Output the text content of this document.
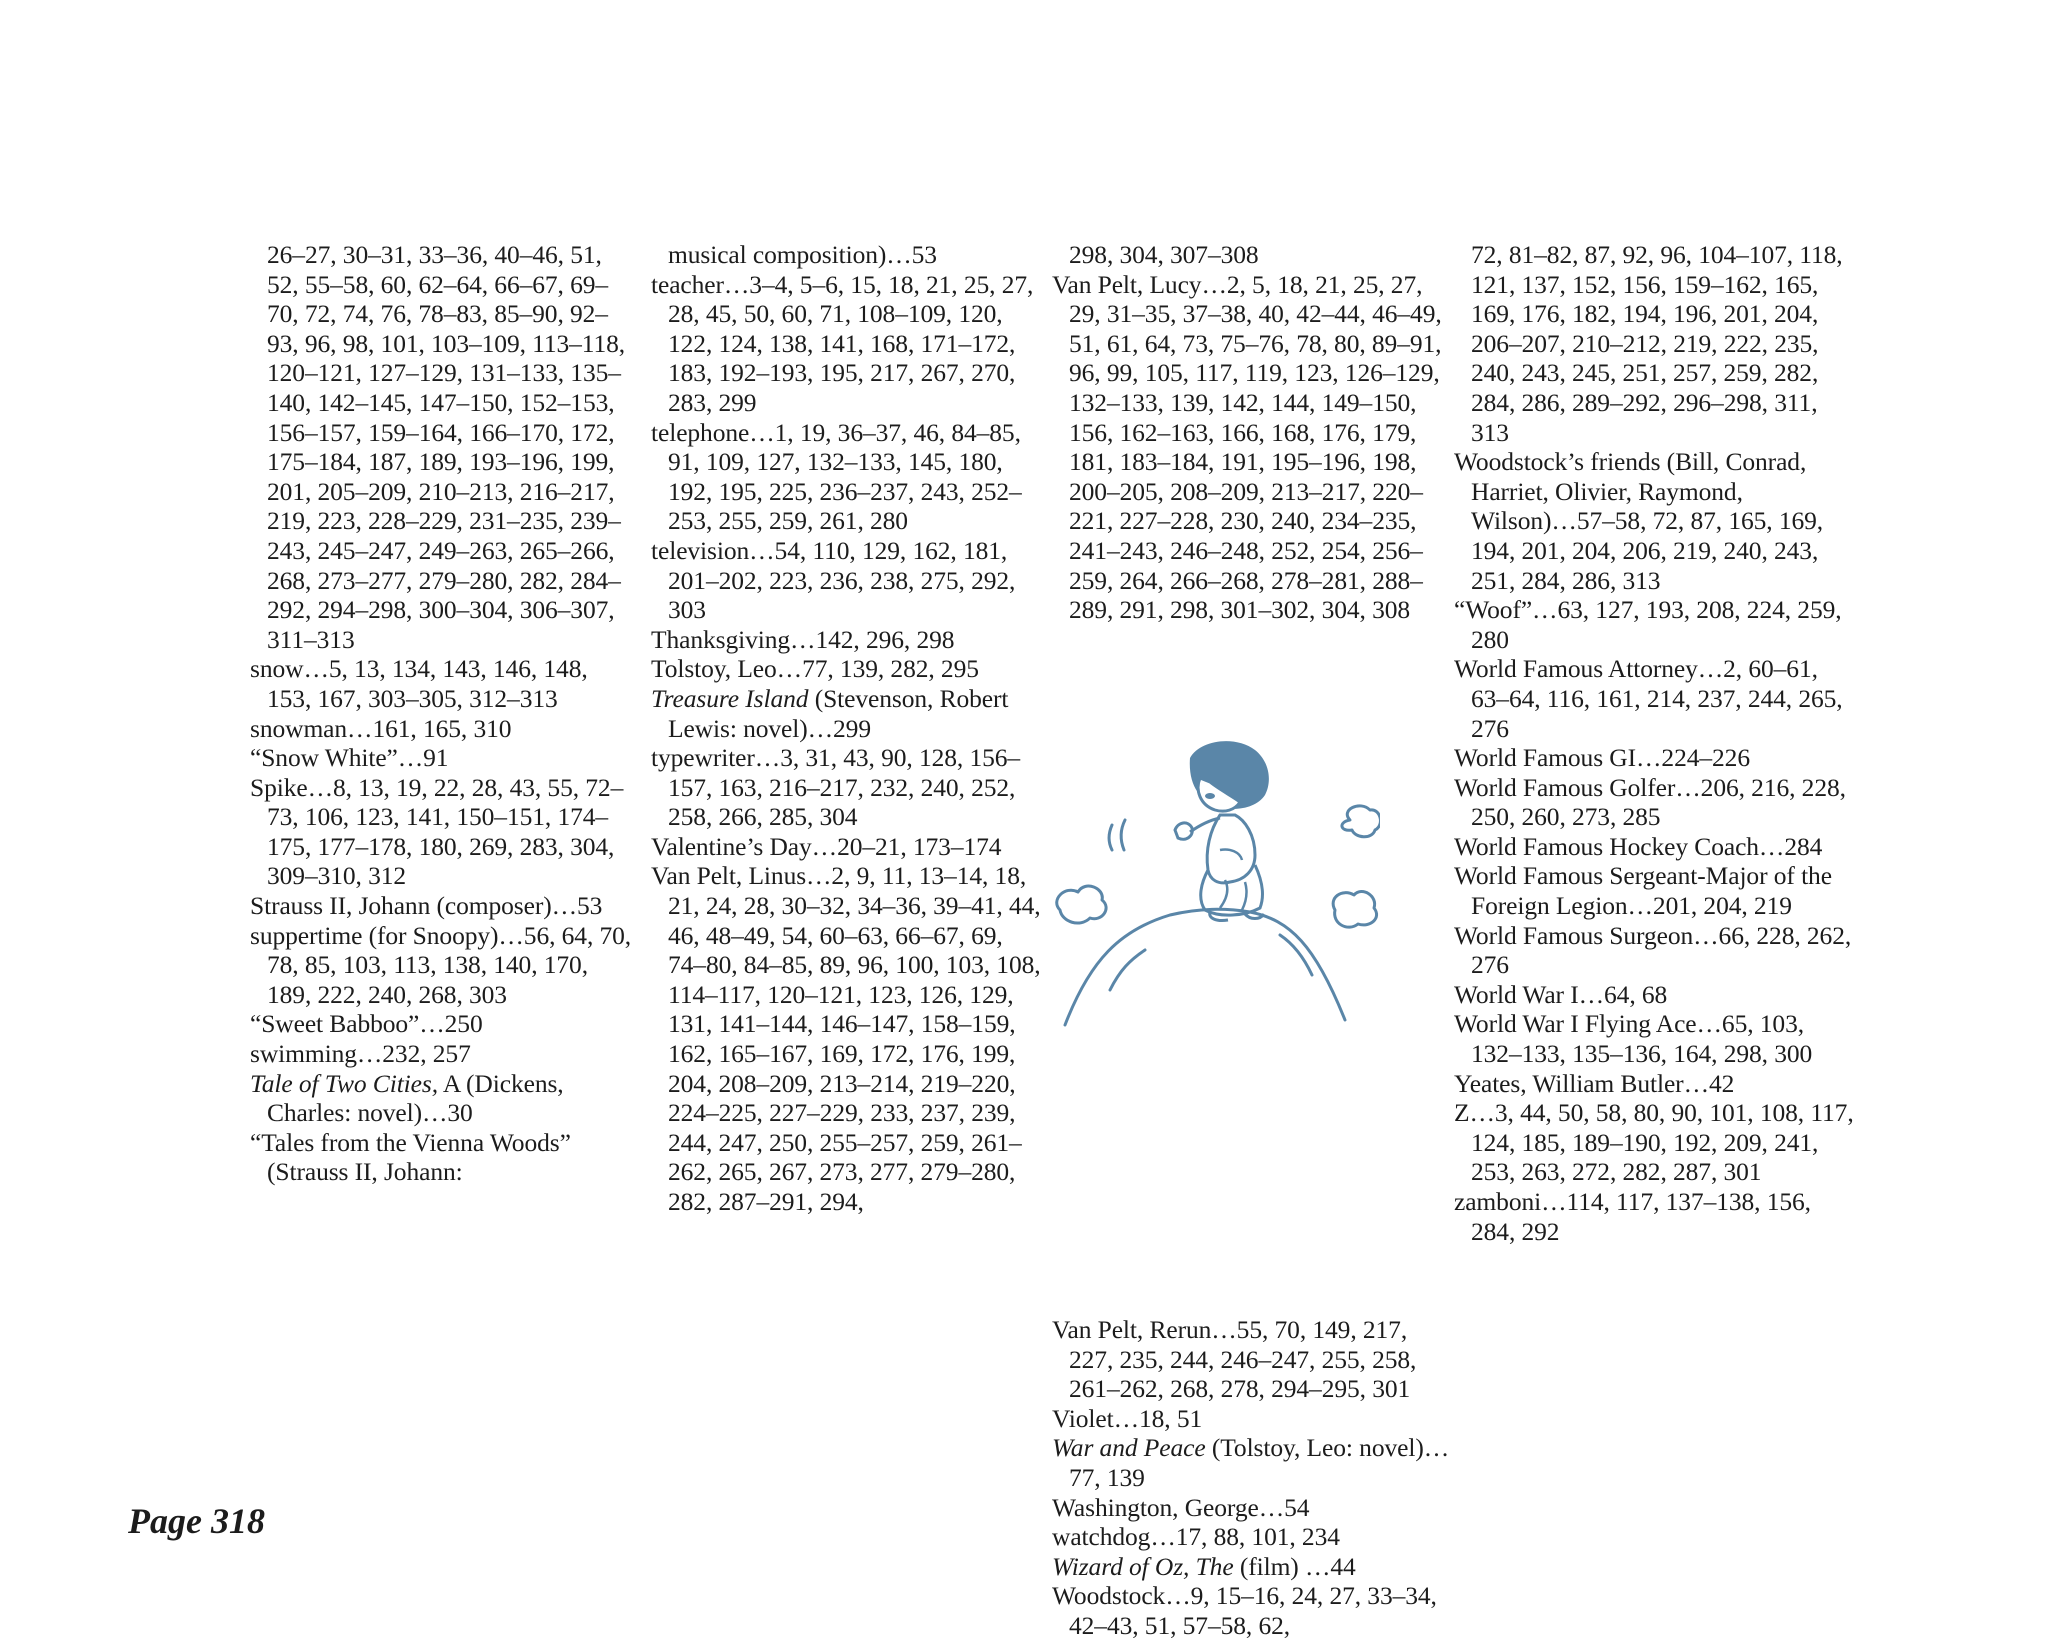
26–27, 30–31, 33–36, 40–46, 51, 52, 55–58, 60, 62–64, 66–67, 69–70, 72, 74, 76, 78–83, 85–90, 92–93, 96, 98, 101, 103–109, 113–118, 120–121, 127–129, 131–133, 135–140, 142–145, 147–150, 152–153, 156–157, 159–164, 166–170, 172, 175–184, 187, 189, 193–196, 199, 201, 205–209, 210–213, 216–217, 219, 223, 228–229, 231–235, 239–243, 245–247, 249–263, 265–266, 268, 273–277, 279–280, 282, 284–292, 294–298, 300–304, 306–307, 311–313
snow…5, 13, 134, 143, 146, 148, 153, 167, 303–305, 312–313
snowman…161, 165, 310
“Snow White”…91
Spike…8, 13, 19, 22, 28, 43, 55, 72–73, 106, 123, 141, 150–151, 174–175, 177–178, 180, 269, 283, 304, 309–310, 312
Strauss II, Johann (composer)…53
suppertime (for Snoopy)…56, 64, 70, 78, 85, 103, 113, 138, 140, 170, 189, 222, 240, 268, 303
“Sweet Babboo”…250
swimming…232, 257
Tale of Two Cities, A (Dickens, Charles: novel)…30
“Tales from the Vienna Woods” (Strauss II, Johann:
musical composition)…53
teacher…3–4, 5–6, 15, 18, 21, 25, 27, 28, 45, 50, 60, 71, 108–109, 120, 122, 124, 138, 141, 168, 171–172, 183, 192–193, 195, 217, 267, 270, 283, 299
telephone…1, 19, 36–37, 46, 84–85, 91, 109, 127, 132–133, 145, 180, 192, 195, 225, 236–237, 243, 252–253, 255, 259, 261, 280
television…54, 110, 129, 162, 181, 201–202, 223, 236, 238, 275, 292, 303
Thanksgiving…142, 296, 298
Tolstoy, Leo…77, 139, 282, 295
Treasure Island (Stevenson, Robert Lewis: novel)…299
typewriter…3, 31, 43, 90, 128, 156–157, 163, 216–217, 232, 240, 252, 258, 266, 285, 304
Valentine’s Day…20–21, 173–174
Van Pelt, Linus…2, 9, 11, 13–14, 18, 21, 24, 28, 30–32, 34–36, 39–41, 44, 46, 48–49, 54, 60–63, 66–67, 69, 74–80, 84–85, 89, 96, 100, 103, 108, 114–117, 120–121, 123, 126, 129, 131, 141–144, 146–147, 158–159, 162, 165–167, 169, 172, 176, 199, 204, 208–209, 213–214, 219–220, 224–225, 227–229, 233, 237, 239, 244, 247, 250, 255–257, 259, 261–262, 265, 267, 273, 277, 279–280, 282, 287–291, 294,
298, 304, 307–308
Van Pelt, Lucy…2, 5, 18, 21, 25, 27, 29, 31–35, 37–38, 40, 42–44, 46–49, 51, 61, 64, 73, 75–76, 78, 80, 89–91, 96, 99, 105, 117, 119, 123, 126–129, 132–133, 139, 142, 144, 149–150, 156, 162–163, 166, 168, 176, 179, 181, 183–184, 191, 195–196, 198, 200–205, 208–209, 213–217, 220–221, 227–228, 230, 240, 234–235, 241–243, 246–248, 252, 254, 256–259, 264, 266–268, 278–281, 288–289, 291, 298, 301–302, 304, 308
Van Pelt, Rerun…55, 70, 149, 217, 227, 235, 244, 246–247, 255, 258, 261–262, 268, 278, 294–295, 301
Violet…18, 51
War and Peace (Tolstoy, Leo: novel)…77, 139
Washington, George…54
watchdog…17, 88, 101, 234
Wizard of Oz, The (film) …44
Woodstock…9, 15–16, 24, 27, 33–34, 42–43, 51, 57–58, 62,
72, 81–82, 87, 92, 96, 104–107, 118, 121, 137, 152, 156, 159–162, 165, 169, 176, 182, 194, 196, 201, 204, 206–207, 210–212, 219, 222, 235, 240, 243, 245, 251, 257, 259, 282, 284, 286, 289–292, 296–298, 311, 313
Woodstock’s friends (Bill, Conrad, Harriet, Olivier, Raymond, Wilson)…57–58, 72, 87, 165, 169, 194, 201, 204, 206, 219, 240, 243, 251, 284, 286, 313
“Woof”…63, 127, 193, 208, 224, 259, 280
World Famous Attorney…2, 60–61, 63–64, 116, 161, 214, 237, 244, 265, 276
World Famous GI…224–226
World Famous Golfer…206, 216, 228, 250, 260, 273, 285
World Famous Hockey Coach…284
World Famous Sergeant-Major of the Foreign Legion…201, 204, 219
World Famous Surgeon…66, 228, 262, 276
World War I…64, 68
World War I Flying Ace…65, 103, 132–133, 135–136, 164, 298, 300
Yeates, William Butler…42
Z…3, 44, 50, 58, 80, 90, 101, 108, 117, 124, 185, 189–190, 192, 209, 241, 253, 263, 272, 282, 287, 301
zamboni…114, 117, 137–138, 156, 284, 292
Page 318
